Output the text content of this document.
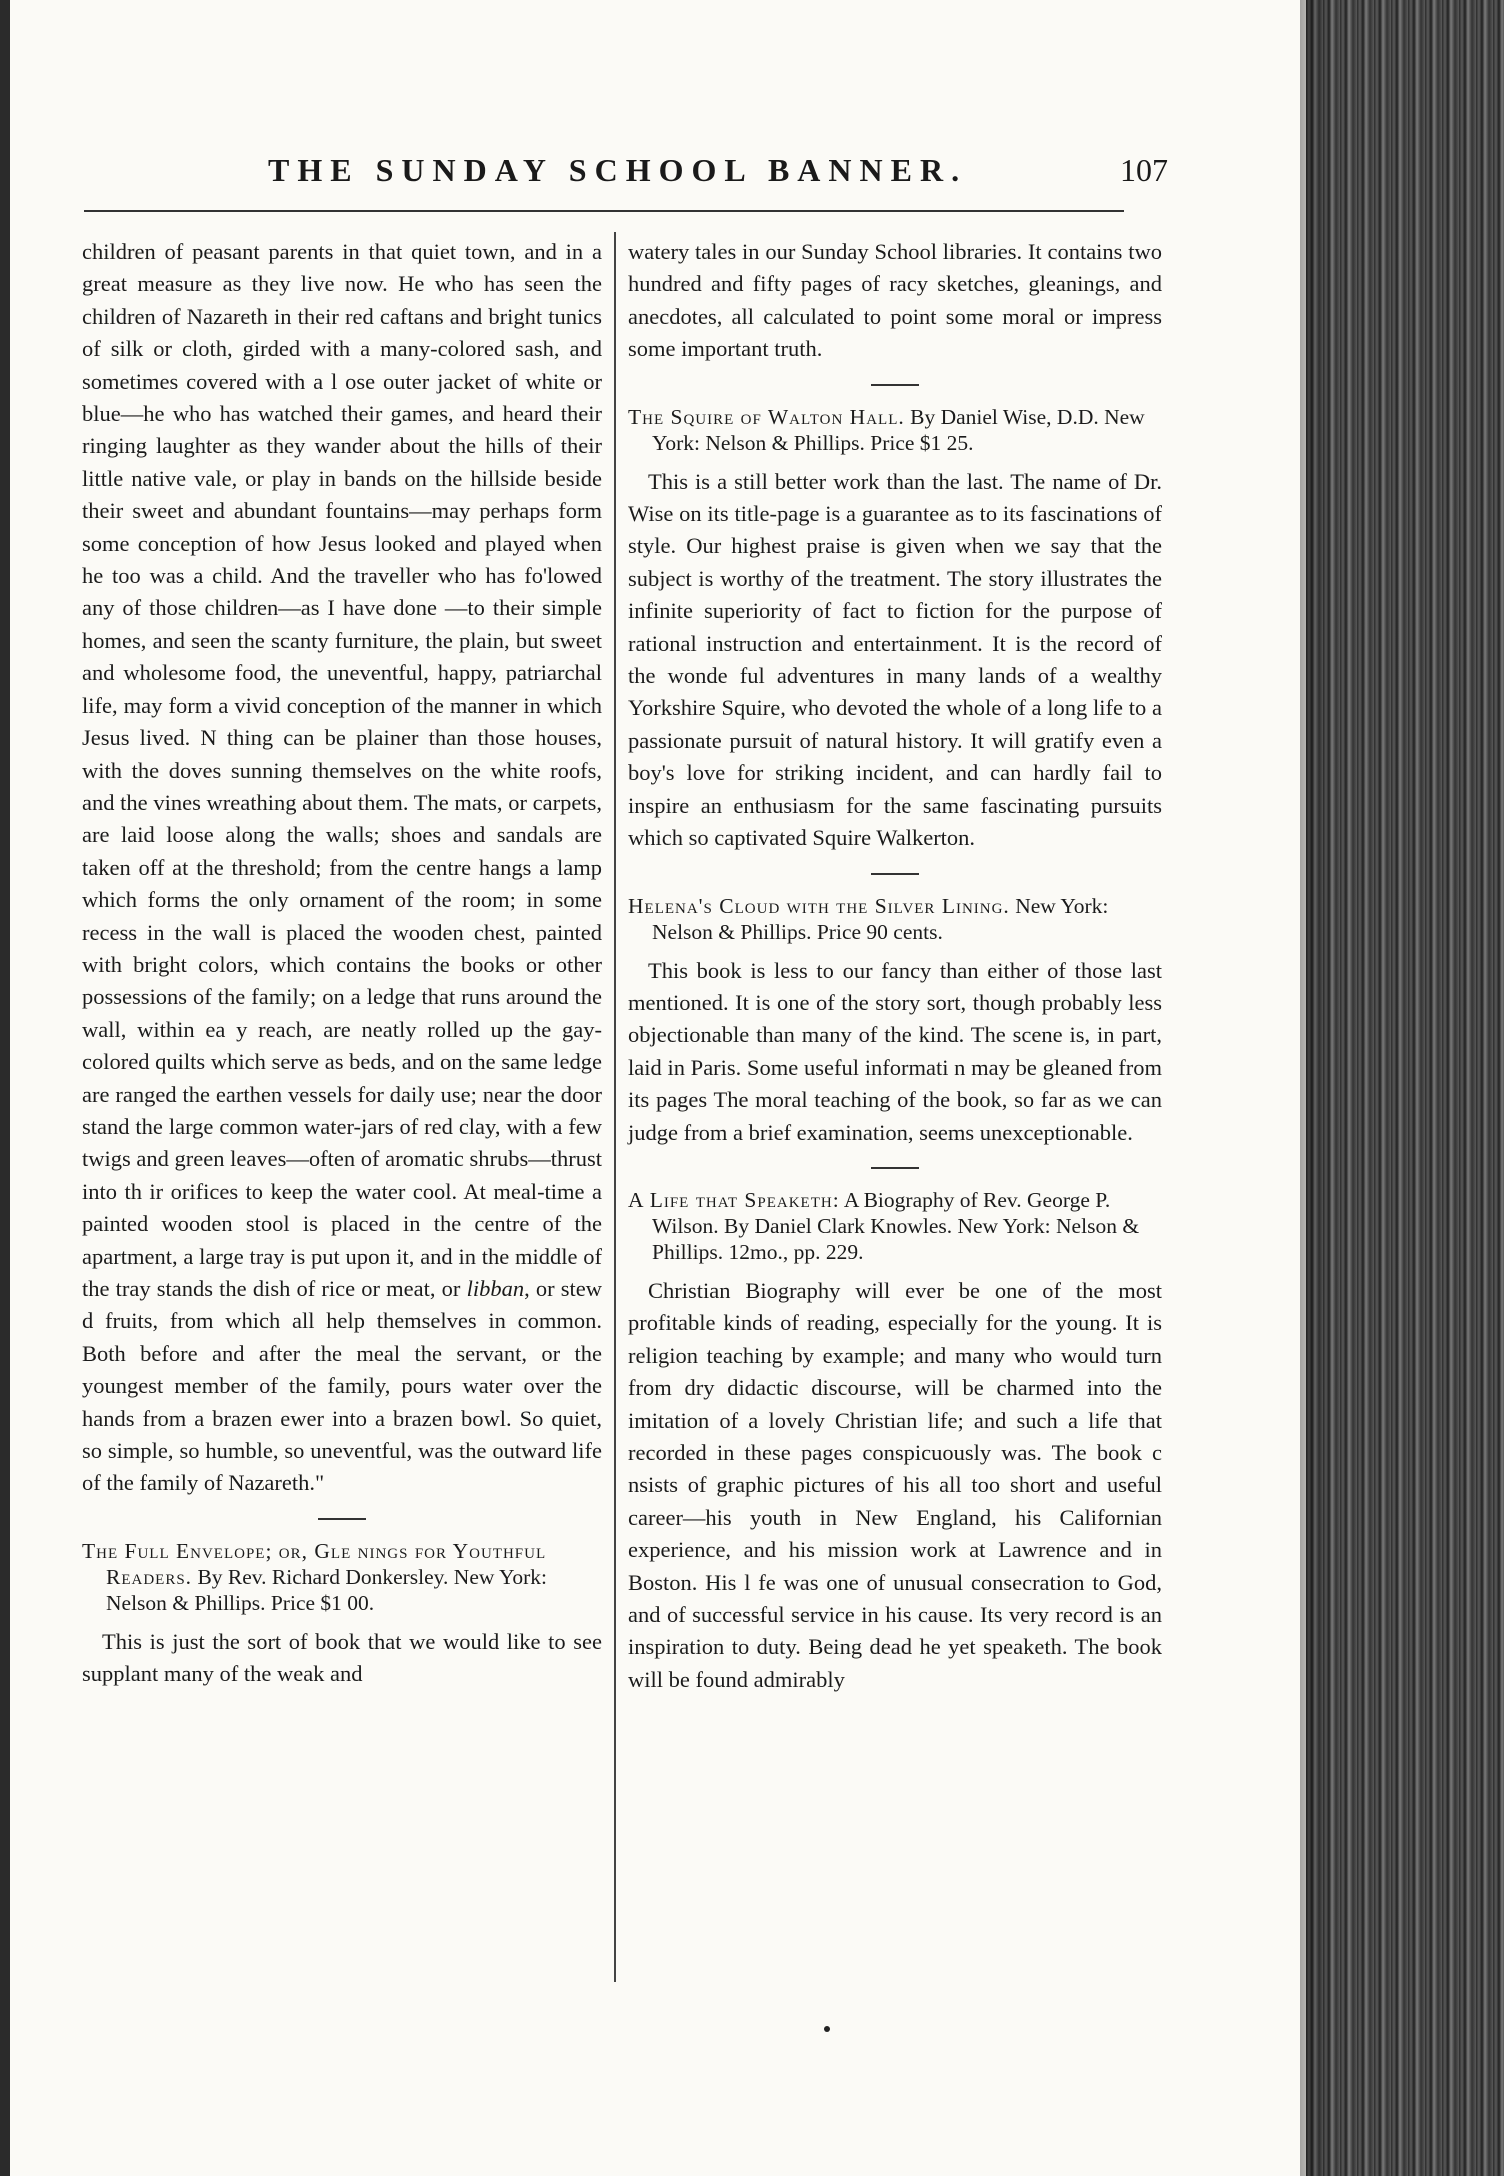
THE SUNDAY SCHOOL BANNER.	107

children of peasant parents in that quiet town, and in a great measure as they live now. He who has seen the children of Nazareth in their red caftans and bright tunics of silk or cloth, girded with a many-colored sash, and sometimes covered with a l ose outer jacket of white or blue—he who has watched their games, and heard their ringing laughter as they wander about the hills of their little native vale, or play in bands on the hillside beside their sweet and abundant fountains—may perhaps form some conception of how Jesus looked and played when he too was a child. And the traveller who has fo'lowed any of those children—as I have done —to their simple homes, and seen the scanty furniture, the plain, but sweet and wholesome food, the uneventful, happy, patriarchal life, may form a vivid conception of the manner in which Jesus lived. N thing can be plainer than those houses, with the doves sunning themselves on the white roofs, and the vines wreathing about them. The mats, or carpets, are laid loose along the walls; shoes and sandals are taken off at the threshold; from the centre hangs a lamp which forms the only ornament of the room; in some recess in the wall is placed the wooden chest, painted with bright colors, which contains the books or other possessions of the family; on a ledge that runs around the wall, within ea y reach, are neatly rolled up the gay-colored quilts which serve as beds, and on the same ledge are ranged the earthen vessels for daily use; near the door stand the large common water-jars of red clay, with a few twigs and green leaves—often of aromatic shrubs—thrust into th ir orifices to keep the water cool. At meal-time a painted wooden stool is placed in the centre of the apartment, a large tray is put upon it, and in the middle of the tray stands the dish of rice or meat, or libban, or stew d fruits, from which all help themselves in common. Both before and after the meal the servant, or the youngest member of the family, pours water over the hands from a brazen ewer into a brazen bowl. So quiet, so simple, so humble, so uneventful, was the outward life of the family of Nazareth."

The Full Envelope; or, Gle nings for Youthful Readers. By Rev. Richard Donkersley. New York: Nelson & Phillips. Price $1 00.

This is just the sort of book that we would like to see supplant many of the weak and

watery tales in our Sunday School libraries. It contains two hundred and fifty pages of racy sketches, gleanings, and anecdotes, all calculated to point some moral or impress some important truth.

The Squire of Walton Hall. By Daniel Wise, D.D. New York: Nelson & Phillips. Price $1 25.

This is a still better work than the last. The name of Dr. Wise on its title-page is a guarantee as to its fascinations of style. Our highest praise is given when we say that the subject is worthy of the treatment. The story illustrates the infinite superiority of fact to fiction for the purpose of rational instruction and entertainment. It is the record of the wonde ful adventures in many lands of a wealthy Yorkshire Squire, who devoted the whole of a long life to a passionate pursuit of natural history. It will gratify even a boy's love for striking incident, and can hardly fail to inspire an enthusiasm for the same fascinating pursuits which so captivated Squire Walkerton.

Helena's Cloud with the Silver Lining. New York: Nelson & Phillips. Price 90 cents.

This book is less to our fancy than either of those last mentioned. It is one of the story sort, though probably less objectionable than many of the kind. The scene is, in part, laid in Paris. Some useful informati n may be gleaned from its pages The moral teaching of the book, so far as we can judge from a brief examination, seems unexceptionable.

A Life that Speaketh: A Biography of Rev. George P. Wilson. By Daniel Clark Knowles. New York: Nelson & Phillips. 12mo., pp. 229.

Christian Biography will ever be one of the most profitable kinds of reading, especially for the young. It is religion teaching by example; and many who would turn from dry didactic discourse, will be charmed into the imitation of a lovely Christian life; and such a life that recorded in these pages conspicuously was. The book c nsists of graphic pictures of his all too short and useful career—his youth in New England, his Californian experience, and his mission work at Lawrence and in Boston. His l fe was one of unusual consecration to God, and of successful service in his cause. Its very record is an inspiration to duty. Being dead he yet speaketh. The book will be found admirably
